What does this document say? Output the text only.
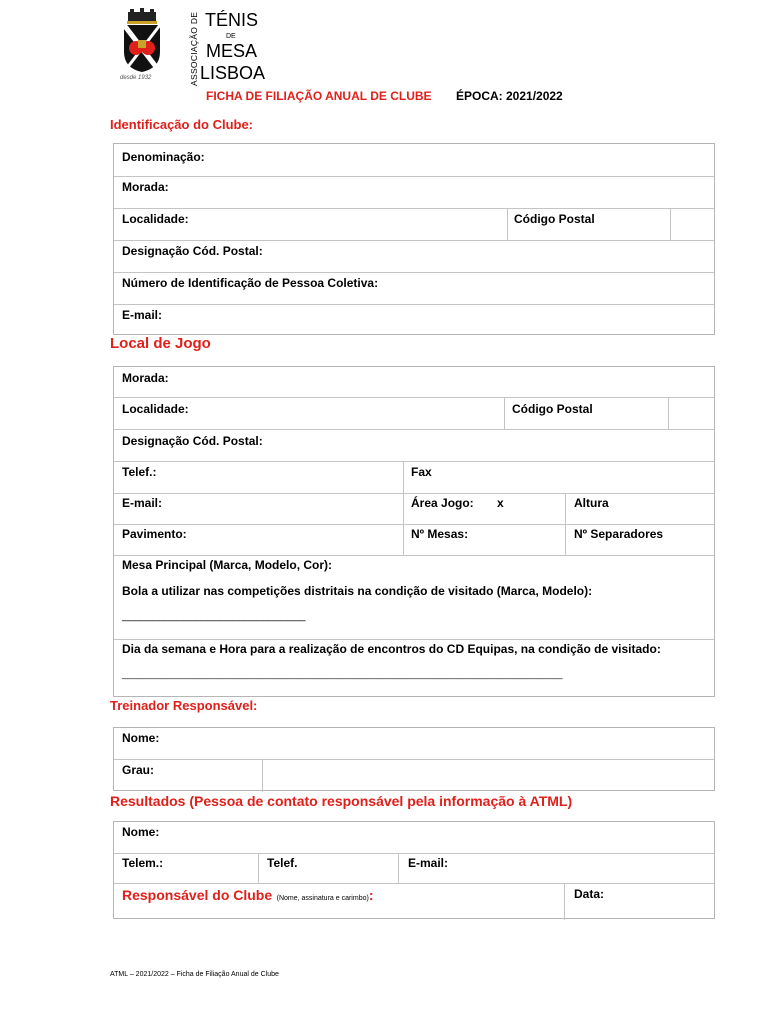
desde 1932	ASSOCIAÇÃO DE TÉNIS
DE
MESA
LISBOA
FICHA DE FILIAÇÃO ANUAL DE CLUBE ÉPOCA: 2021/2022
Identificação do Clube:
Denominação:
Morada:
Localidade:	Código Postal
Designação Cód. Postal:
Número de Identificação de Pessoa Coletiva:
E-mail:
Local de Jogo
Morada:
Localidade:	Código Postal
Designação Cód. Postal:
Telef.:	Fax
E-mail:	Área Jogo: x	Altura
Pavimento:	Nº Mesas:	Nº Separadores
Mesa Principal (Marca, Modelo, Cor):
Bola a utilizar nas competições distritais na condição de visitado (Marca, Modelo):
______________________________
Dia da semana e Hora para a realização de encontros do CD Equipas, na condição de visitado:
________________________________________________________________________________________
Treinador Responsável:
Nome:
Grau:
Resultados (Pessoa de contato responsável pela informação à ATML)
Nome:
Telem.:	Telef.	E-mail:
Responsável do Clube (Nome, assinatura e carimbo):	Data:
ATML – 2021/2022 – Ficha de Filiação Anual de Clube
